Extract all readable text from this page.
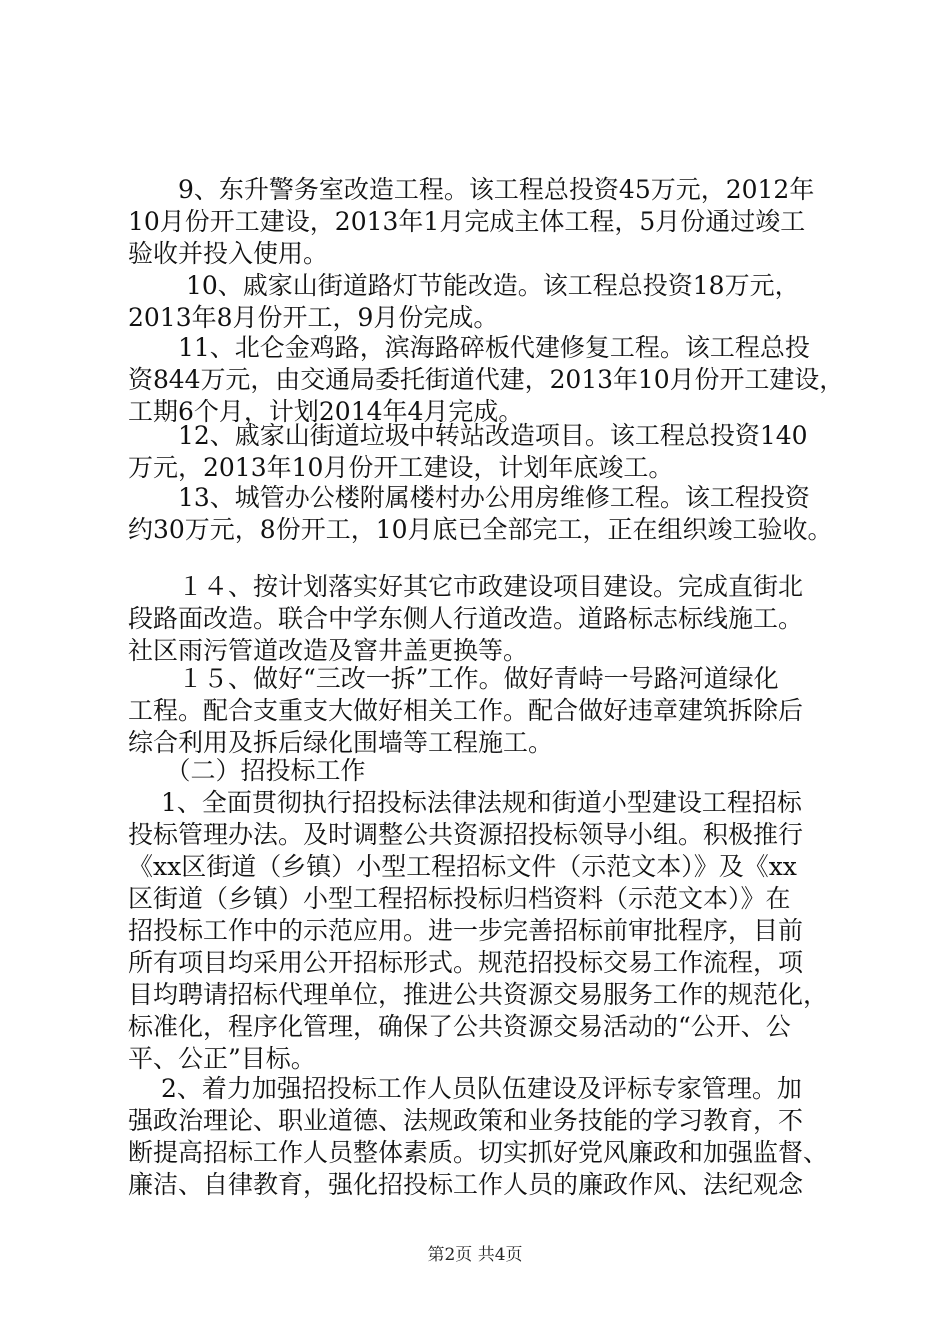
　　9、东升警务室改造工程。该工程总投资45万元，2012年
10月份开工建设，2013年1月完成主体工程，5月份通过竣工
验收并投入使用。
　　 10、戚家山街道路灯节能改造。该工程总投资18万元，
2013年8月份开工，9月份完成。
　　11、北仑金鸡路，滨海路碎板代建修复工程。该工程总投
资844万元，由交通局委托街道代建，2013年10月份开工建设，
工期6个月，计划2014年4月完成。
　　12、戚家山街道垃圾中转站改造项目。该工程总投资140
万元，2013年10月份开工建设，计划年底竣工。
　　13、城管办公楼附属楼村办公用房维修工程。该工程投资
约30万元，8份开工，10月底已全部完工，正在组织竣工验收。
　　１４、按计划落实好其它市政建设项目建设。完成直街北
段路面改造。联合中学东侧人行道改造。道路标志标线施工。
社区雨污管道改造及窨井盖更换等。
　　１５、做好“三改一拆”工作。做好青峙一号路河道绿化
工程。配合支重支大做好相关工作。配合做好违章建筑拆除后
综合利用及拆后绿化围墙等工程施工。
　　（二）招投标工作
　 1、全面贯彻执行招投标法律法规和街道小型建设工程招标
投标管理办法。及时调整公共资源招投标领导小组。积极推行
《xx区街道（乡镇）小型工程招标文件（示范文本）》及《xx
区街道（乡镇）小型工程招标投标归档资料（示范文本）》在
招投标工作中的示范应用。进一步完善招标前审批程序，目前
所有项目均采用公开招标形式。规范招投标交易工作流程，项
目均聘请招标代理单位，推进公共资源交易服务工作的规范化，
标准化，程序化管理，确保了公共资源交易活动的“公开、公
平、公正”目标。
　 2、着力加强招投标工作人员队伍建设及评标专家管理。加
强政治理论、职业道德、法规政策和业务技能的学习教育，不
断提高招标工作人员整体素质。切实抓好党风廉政和加强监督、
廉洁、自律教育，强化招投标工作人员的廉政作风、法纪观念
第2页 共4页
